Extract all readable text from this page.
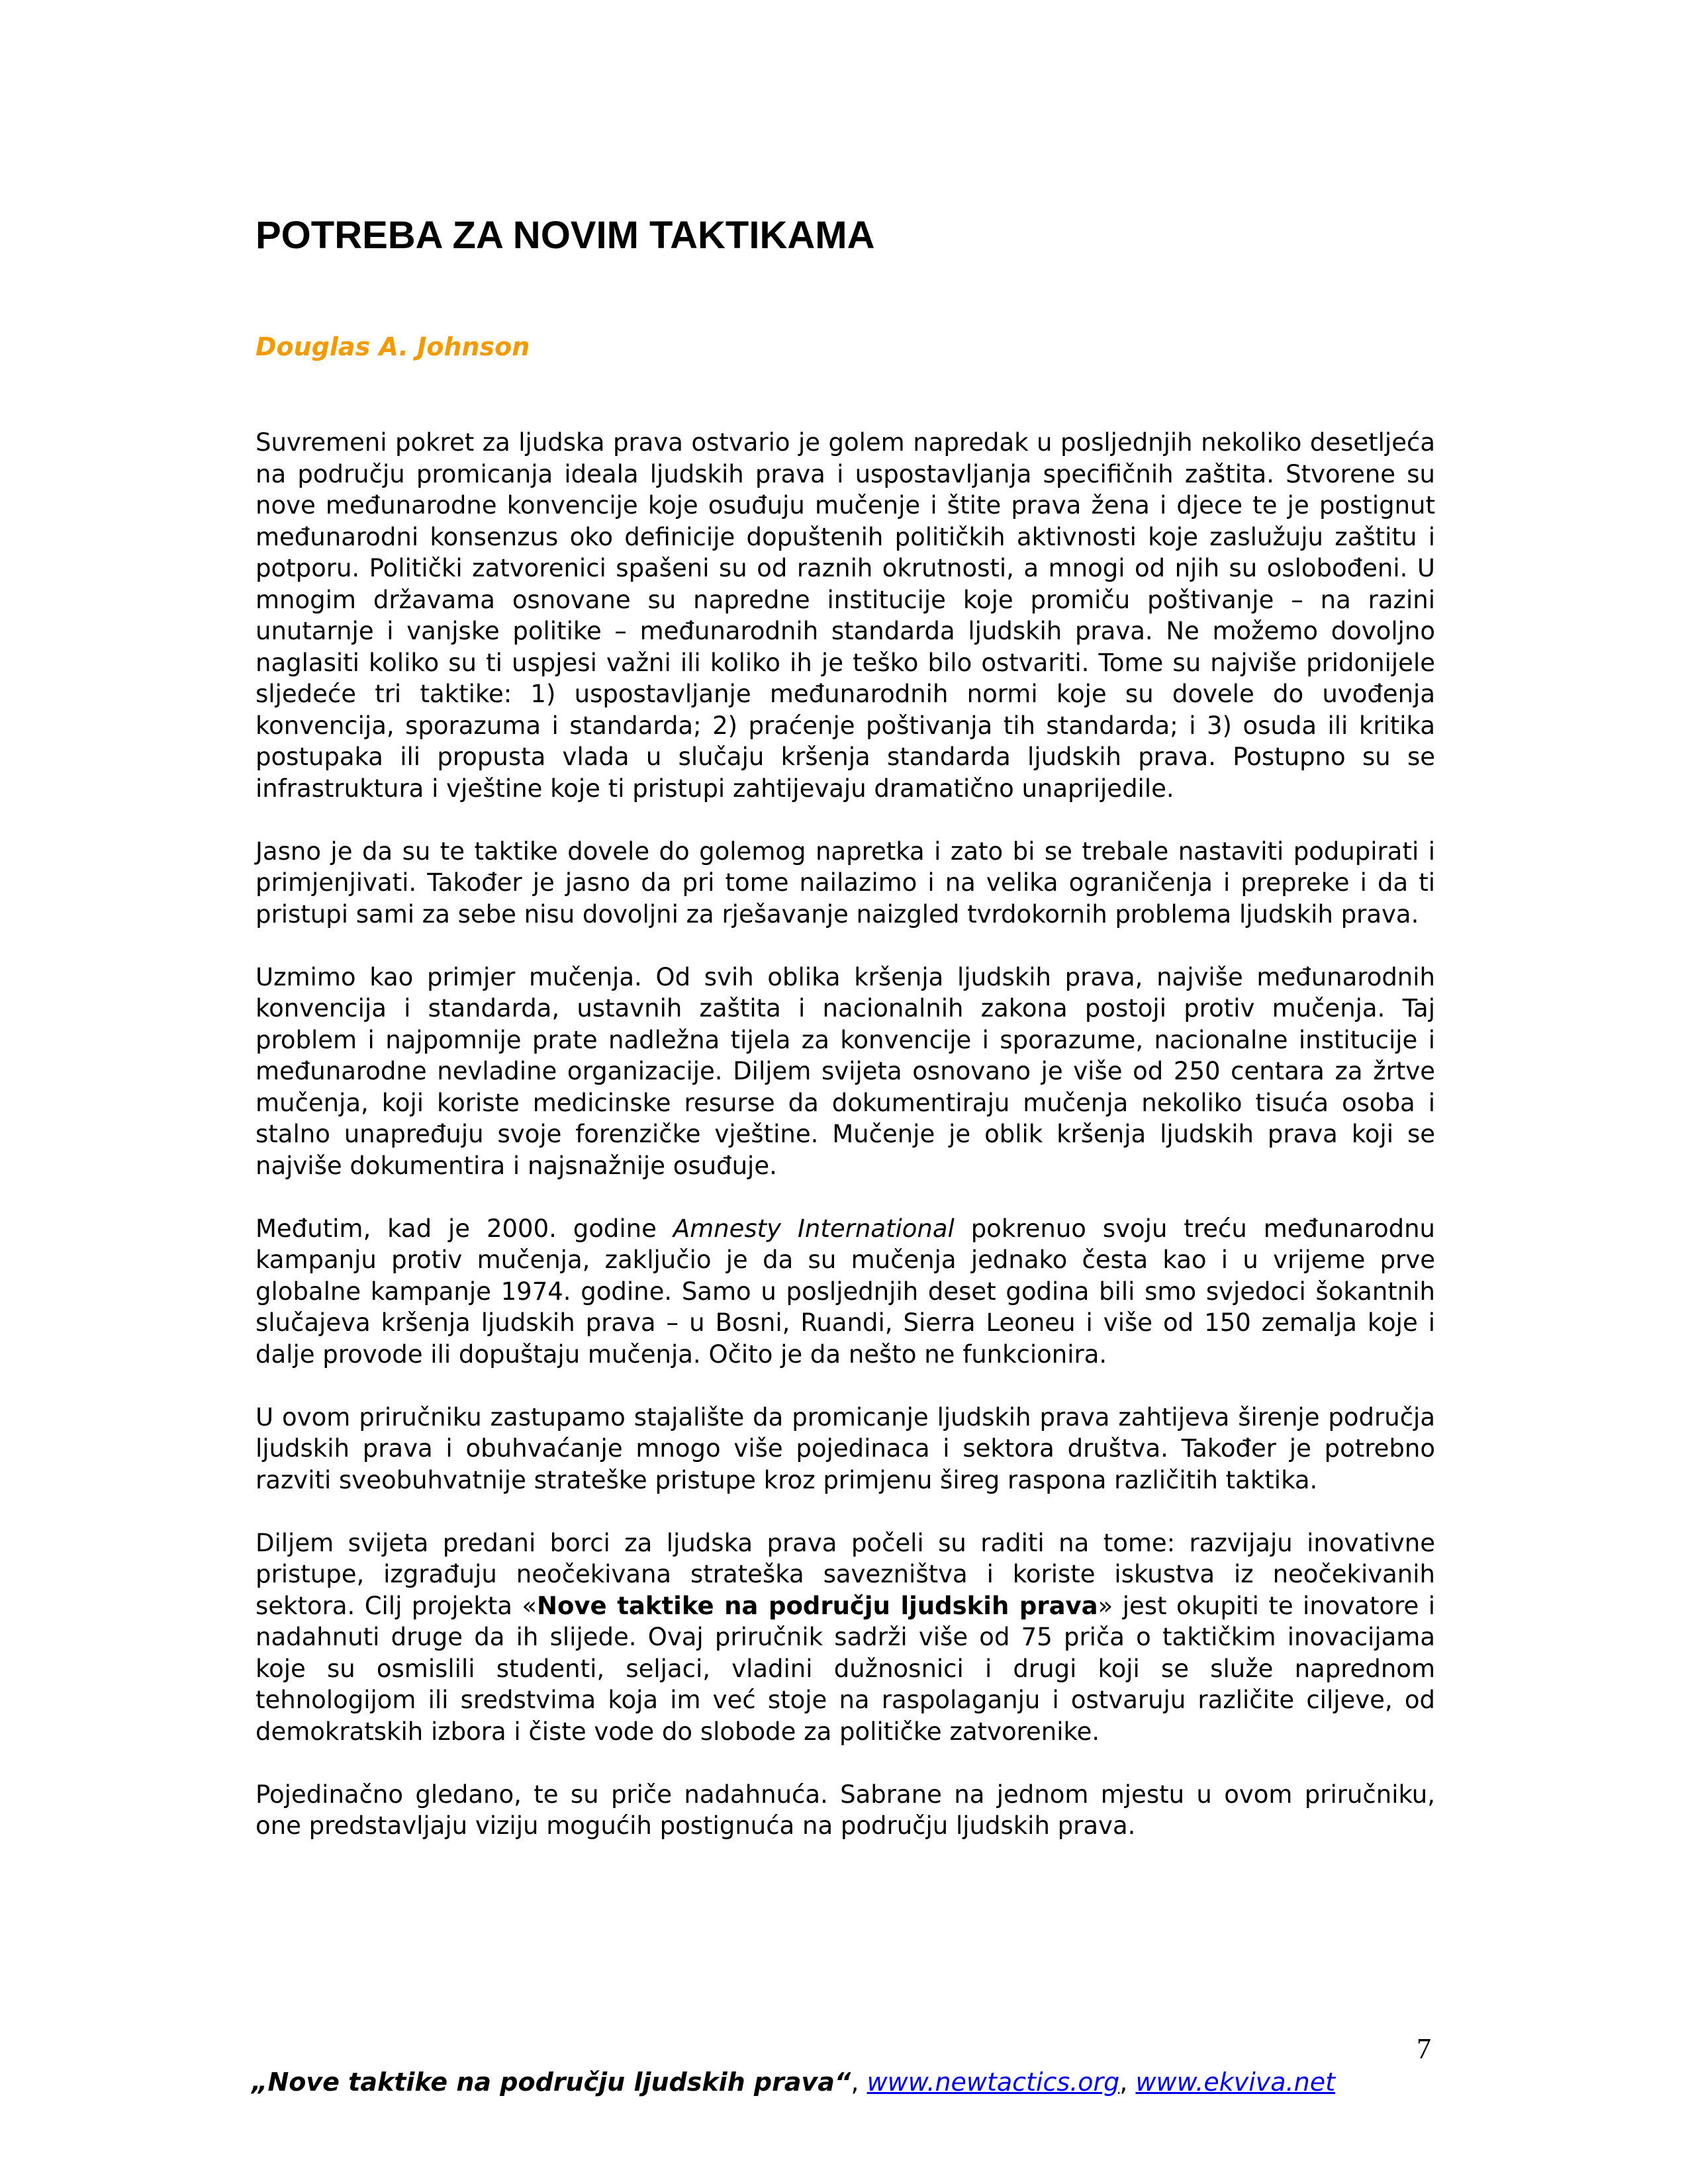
POTREBA ZA NOVIM TAKTIKAMA
Douglas A. Johnson

Suvremeni pokret za ljudska prava ostvario je golem napredak u posljednjih nekoliko desetljeća na području promicanja ideala ljudskih prava i uspostavljanja specifičnih zaštita. Stvorene su nove međunarodne konvencije koje osuđuju mučenje i štite prava žena i djece te je postignut međunarodni konsenzus oko definicije dopuštenih političkih aktivnosti koje zaslužuju zaštitu i potporu. Politički zatvorenici spašeni su od raznih okrutnosti, a mnogi od njih su oslobođeni. U mnogim državama osnovane su napredne institucije koje promiču poštivanje – na razini unutarnje i vanjske politike – međunarodnih standarda ljudskih prava. Ne možemo dovoljno naglasiti koliko su ti uspjesi važni ili koliko ih je teško bilo ostvariti. Tome su najviše pridonijele sljedeće tri taktike: 1) uspostavljanje međunarodnih normi koje su dovele do uvođenja konvencija, sporazuma i standarda; 2) praćenje poštivanja tih standarda; i 3) osuda ili kritika postupaka ili propusta vlada u slučaju kršenja standarda ljudskih prava. Postupno su se infrastruktura i vještine koje ti pristupi zahtijevaju dramatično unaprijedile.

Jasno je da su te taktike dovele do golemog napretka i zato bi se trebale nastaviti podupirati i primjenjivati. Također je jasno da pri tome nailazimo i na velika ograničenja i prepreke i da ti pristupi sami za sebe nisu dovoljni za rješavanje naizgled tvrdokornih problema ljudskih prava.

Uzmimo kao primjer mučenja. Od svih oblika kršenja ljudskih prava, najviše međunarodnih konvencija i standarda, ustavnih zaštita i nacionalnih zakona postoji protiv mučenja. Taj problem i najpomnije prate nadležna tijela za konvencije i sporazume, nacionalne institucije i međunarodne nevladine organizacije. Diljem svijeta osnovano je više od 250 centara za žrtve mučenja, koji koriste medicinske resurse da dokumentiraju mučenja nekoliko tisuća osoba i stalno unapređuju svoje forenzičke vještine. Mučenje je oblik kršenja ljudskih prava koji se najviše dokumentira i najsnažnije osuđuje.

Međutim, kad je 2000. godine Amnesty International pokrenuo svoju treću međunarodnu kampanju protiv mučenja, zaključio je da su mučenja jednako česta kao i u vrijeme prve globalne kampanje 1974. godine. Samo u posljednjih deset godina bili smo svjedoci šokantnih slučajeva kršenja ljudskih prava – u Bosni, Ruandi, Sierra Leoneu i više od 150 zemalja koje i dalje provode ili dopuštaju mučenja. Očito je da nešto ne funkcionira.

U ovom priručniku zastupamo stajalište da promicanje ljudskih prava zahtijeva širenje područja ljudskih prava i obuhvaćanje mnogo više pojedinaca i sektora društva. Također je potrebno razviti sveobuhvatnije strateške pristupe kroz primjenu šireg raspona različitih taktika.

Diljem svijeta predani borci za ljudska prava počeli su raditi na tome: razvijaju inovativne pristupe, izgrađuju neočekivana strateška savezništva i koriste iskustva iz neočekivanih sektora. Cilj projekta «Nove taktike na području ljudskih prava» jest okupiti te inovatore i nadahnuti druge da ih slijede. Ovaj priručnik sadrži više od 75 priča o taktičkim inovacijama koje su osmislili studenti, seljaci, vladini dužnosnici i drugi koji se služe naprednom tehnologijom ili sredstvima koja im već stoje na raspolaganju i ostvaruju različite ciljeve, od demokratskih izbora i čiste vode do slobode za političke zatvorenike.

Pojedinačno gledano, te su priče nadahnuća. Sabrane na jednom mjestu u ovom priručniku, one predstavljaju viziju mogućih postignuća na području ljudskih prava.

7
„Nove taktike na području ljudskih prava“, www.newtactics.org, www.ekviva.net
